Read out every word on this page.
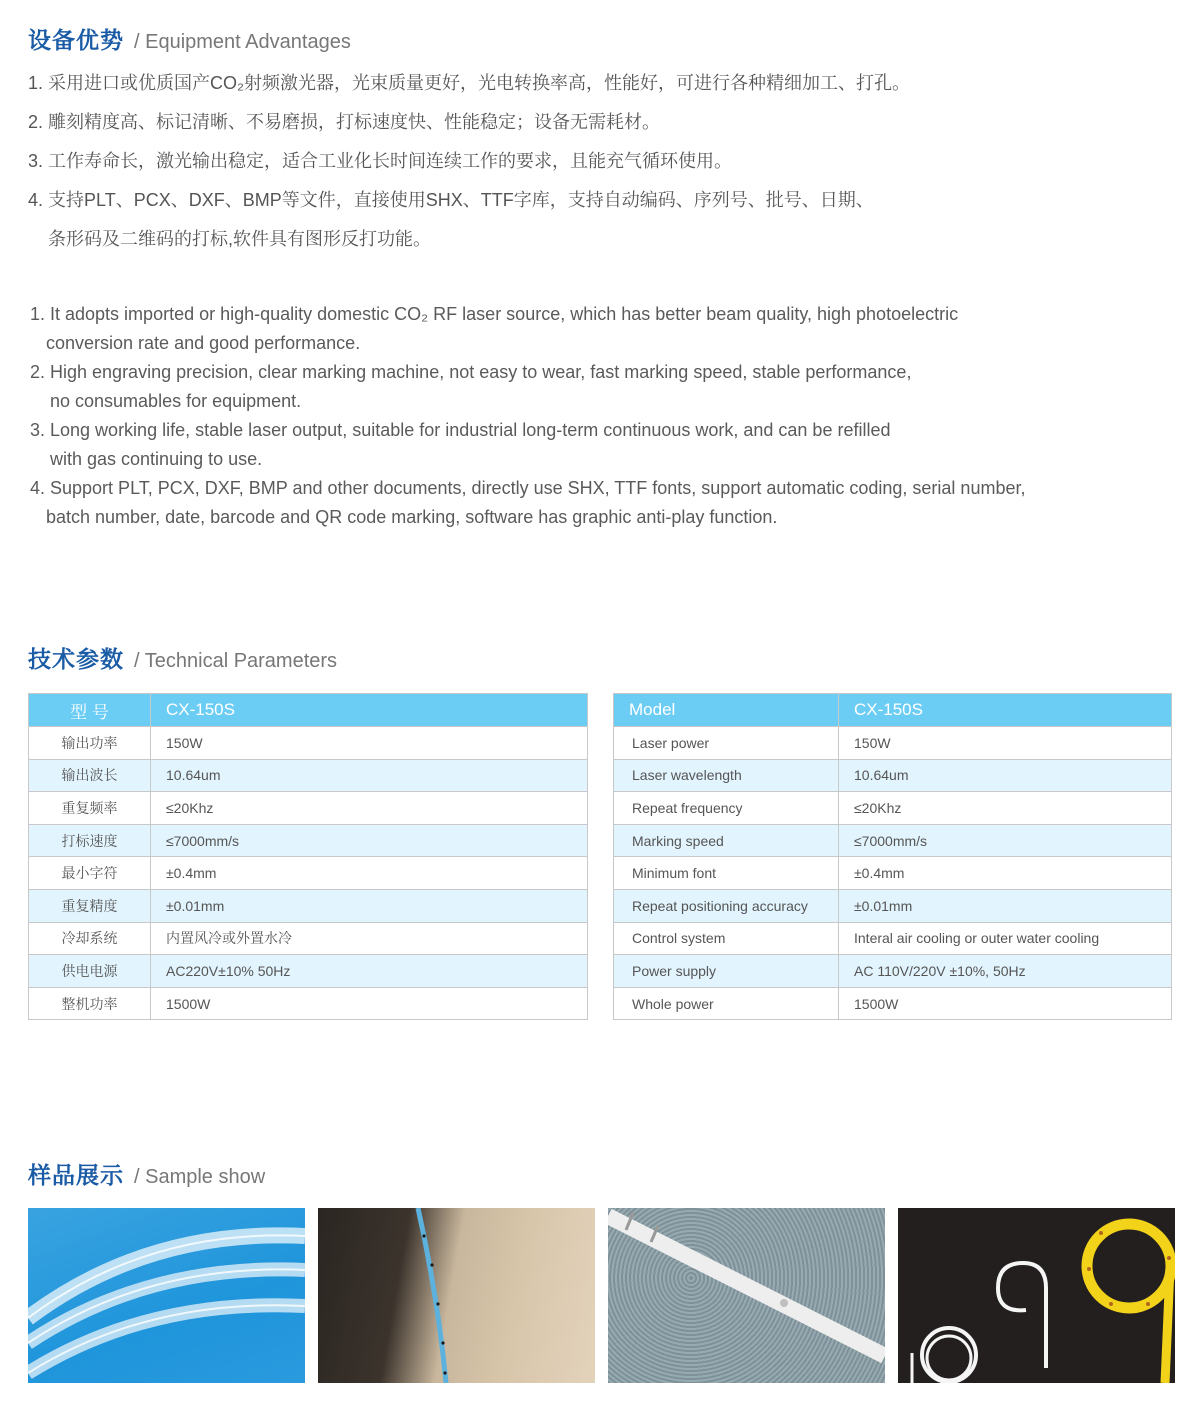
设备优势 / Equipment Advantages
1. 采用进口或优质国产CO₂射频激光器，光束质量更好，光电转换率高，性能好，可进行各种精细加工、打孔。
2. 雕刻精度高、标记清晰、不易磨损，打标速度快、性能稳定；设备无需耗材。
3. 工作寿命长，激光输出稳定，适合工业化长时间连续工作的要求，且能充气循环使用。
4. 支持PLT、PCX、DXF、BMP等文件，直接使用SHX、TTF字库，支持自动编码、序列号、批号、日期、
条形码及二维码的打标,软件具有图形反打功能。
1. It adopts imported or high-quality domestic CO₂ RF laser source, which has better beam quality, high photoelectric
conversion rate and good performance.
2. High engraving precision, clear marking machine, not easy to wear, fast marking speed, stable performance,
no consumables for equipment.
3. Long working life, stable laser output, suitable for industrial long-term continuous work, and can be refilled
with gas continuing to use.
4. Support PLT, PCX, DXF, BMP and other documents, directly use SHX, TTF fonts, support automatic coding, serial number,
batch number, date, barcode and QR code marking, software has graphic anti-play function.
技术参数 / Technical Parameters
型 号	CX-150S
输出功率	150W
输出波长	10.64um
重复频率	≤20Khz
打标速度	≤7000mm/s
最小字符	±0.4mm
重复精度	±0.01mm
冷却系统	内置风冷或外置水冷
供电电源	AC220V±10% 50Hz
整机功率	1500W
Model	CX-150S
Laser power	150W
Laser wavelength	10.64um
Repeat frequency	≤20Khz
Marking speed	≤7000mm/s
Minimum font	±0.4mm
Repeat positioning accuracy	±0.01mm
Control system	Interal air cooling or outer water cooling
Power supply	AC 110V/220V ±10%, 50Hz
Whole power	1500W
样品展示 / Sample show
